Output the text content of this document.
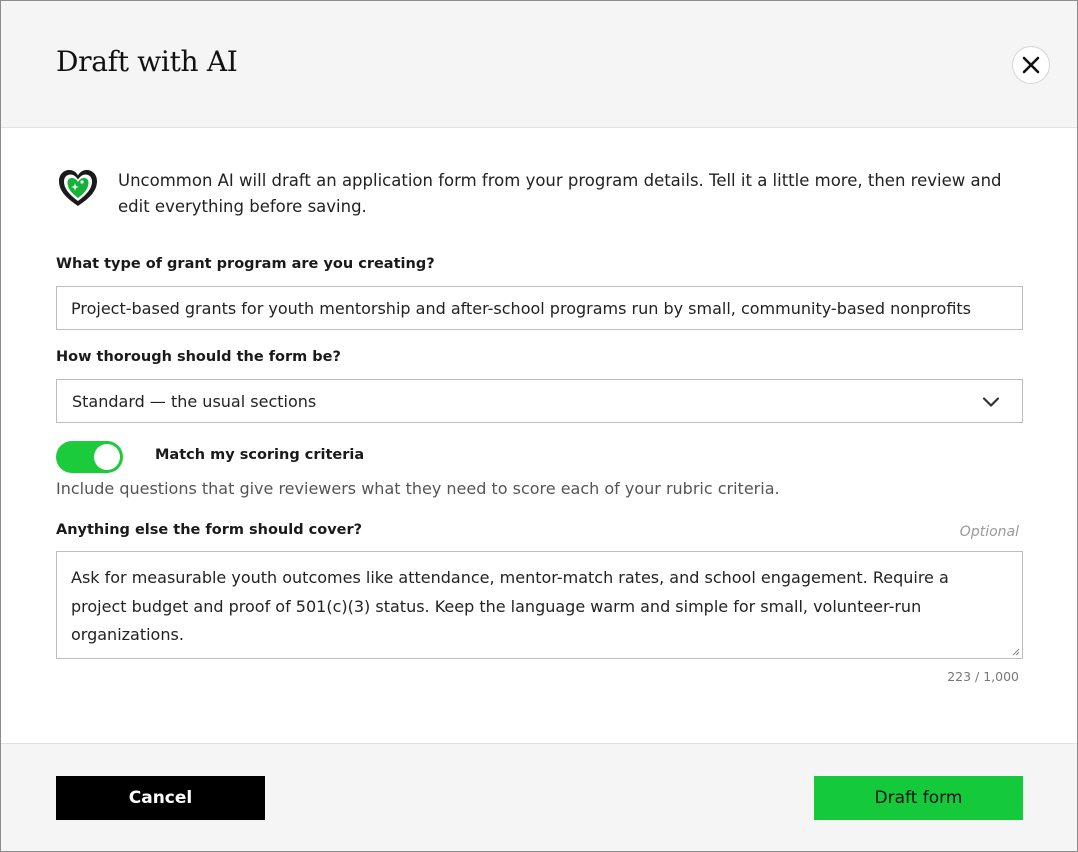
Draft with AI
Uncommon AI will draft an application form from your program details. Tell it a little more, then review and edit everything before saving.
What type of grant program are you creating?
Project-based grants for youth mentorship and after-school programs run by small, community-based nonprofits
How thorough should the form be?
Standard — the usual sections
Match my scoring criteria
Include questions that give reviewers what they need to score each of your rubric criteria.
Anything else the form should cover?	Optional
Ask for measurable youth outcomes like attendance, mentor-match rates, and school engagement. Require a project budget and proof of 501(c)(3) status. Keep the language warm and simple for small, volunteer-run organizations.
223 / 1,000
Cancel	Draft form
